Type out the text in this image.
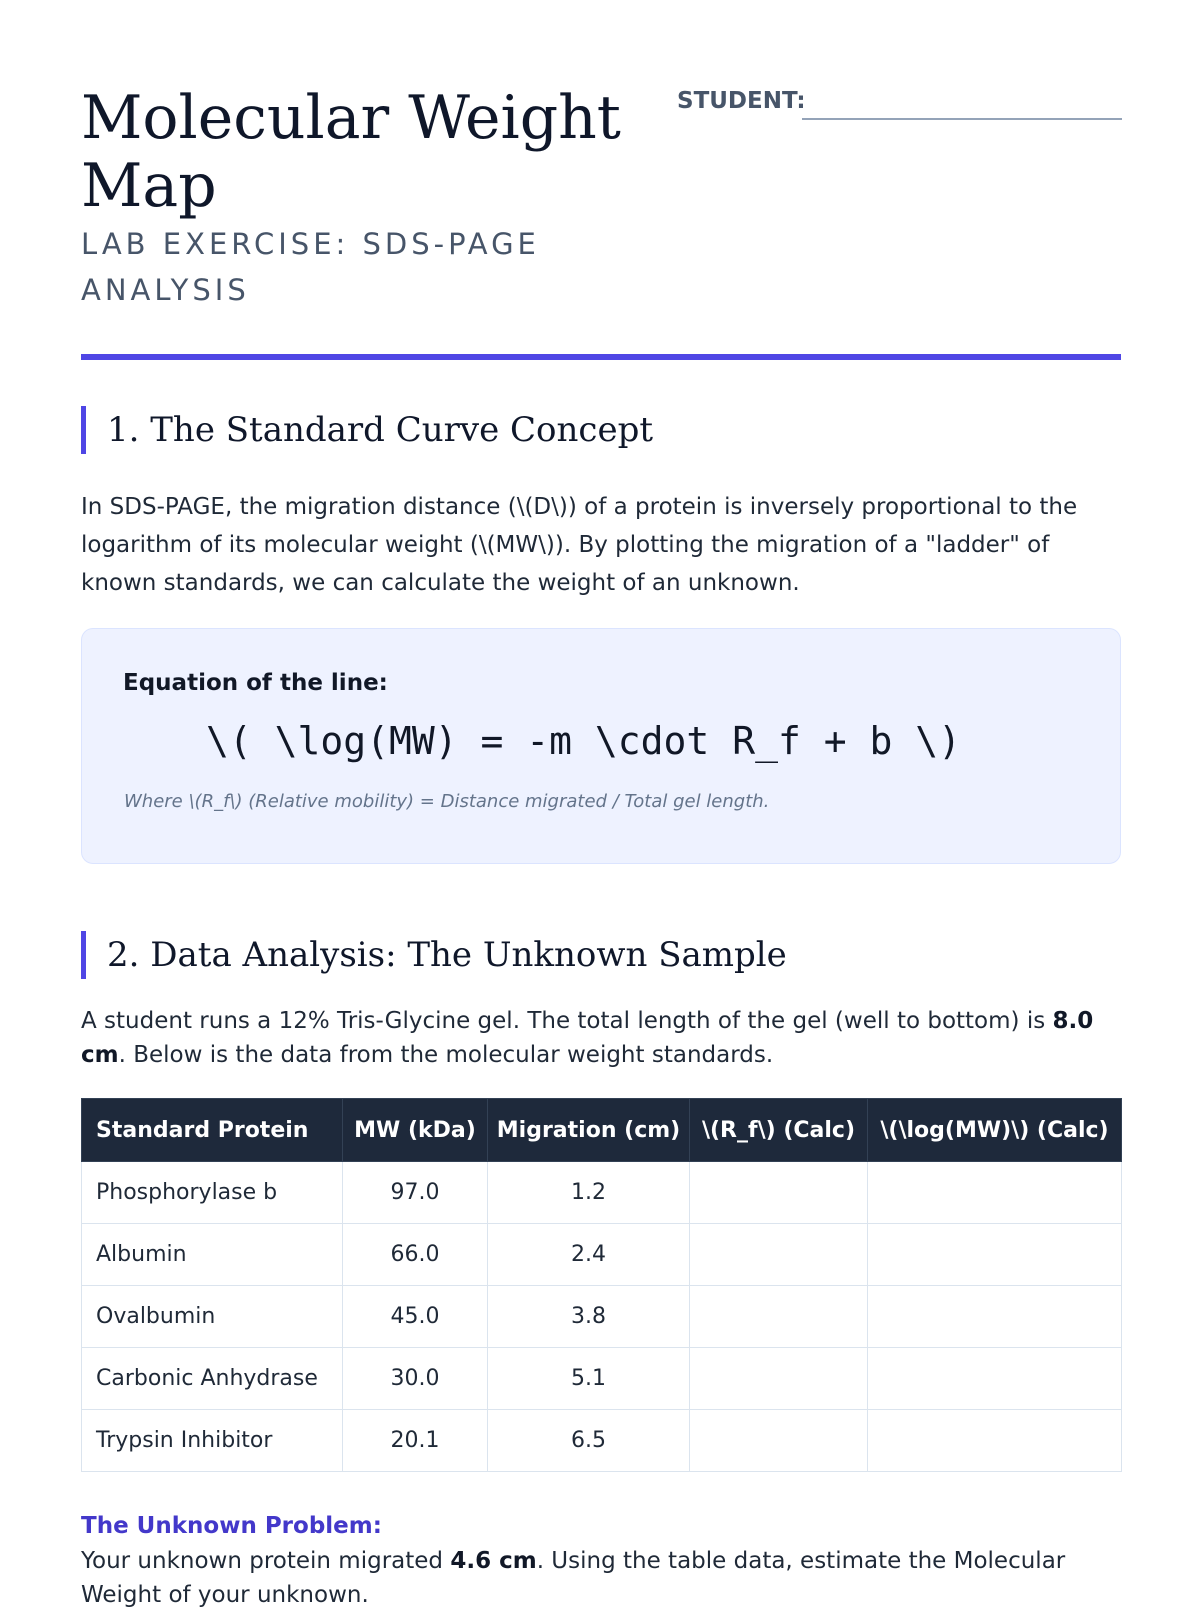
Molecular Weight Map

LAB EXERCISE: SDS-PAGE ANALYSIS

STUDENT:
1. The Standard Curve Concept

In SDS-PAGE, the migration distance (\(D\)) of a protein is inversely proportional to the logarithm of its molecular weight (\(MW\)). By plotting the migration of a "ladder" of known standards, we can calculate the weight of an unknown.

Equation of the line:
\( \log(MW) = -m \cdot R_f + b \)
Where \(R_f\) (Relative mobility) = Distance migrated / Total gel length.
2. Data Analysis: The Unknown Sample

A student runs a 12% Tris-Glycine gel. The total length of the gel (well to bottom) is 8.0 cm. Below is the data from the molecular weight standards.

Standard Protein	MW (kDa)	Migration (cm)	\(R_f\) (Calc)	\(\log(MW)\) (Calc)
Phosphorylase b	97.0	1.2		
Albumin	66.0	2.4		
Ovalbumin	45.0	3.8		
Carbonic Anhydrase	30.0	5.1		
Trypsin Inhibitor	20.1	6.5		
The Unknown Problem:

Your unknown protein migrated 4.6 cm. Using the table data, estimate the Molecular Weight of your unknown.
